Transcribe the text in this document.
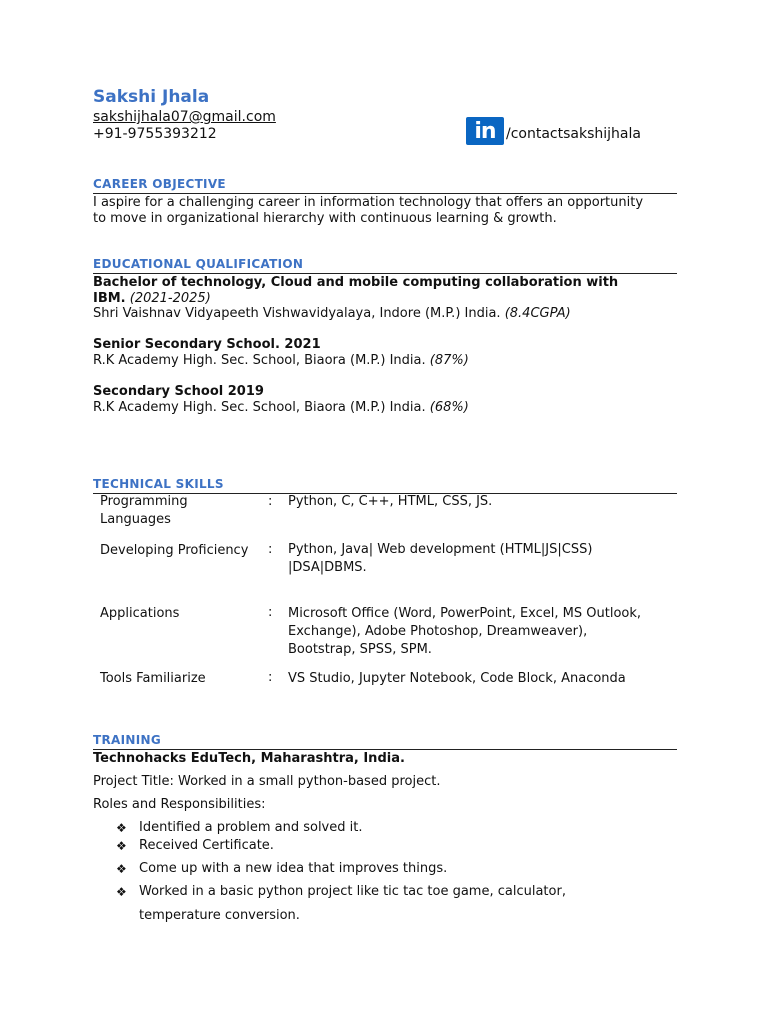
Sakshi Jhala
sakshijhala07@gmail.com
+91-9755393212	in /contactsakshijhala
CAREER OBJECTIVE
I aspire for a challenging career in information technology that offers an opportunity
to move in organizational hierarchy with continuous learning & growth.
EDUCATIONAL QUALIFICATION
Bachelor of technology, Cloud and mobile computing collaboration with
IBM. (2021-2025)
Shri Vaishnav Vidyapeeth Vishwavidyalaya, Indore (M.P.) India. (8.4CGPA)
Senior Secondary School. 2021
R.K Academy High. Sec. School, Biaora (M.P.) India. (87%)
Secondary School 2019
R.K Academy High. Sec. School, Biaora (M.P.) India. (68%)
TECHNICAL SKILLS
Programming
Languages
: Python, C, C++, HTML, CSS, JS.
Developing Proficiency	: Python, Java| Web development (HTML|JS|CSS)
|DSA|DBMS.
Applications	: Microsoft Office (Word, PowerPoint, Excel, MS Outlook,
Exchange), Adobe Photoshop, Dreamweaver),
Bootstrap, SPSS, SPM.
Tools Familiarize	: VS Studio, Jupyter Notebook, Code Block, Anaconda
TRAINING
Technohacks EduTech, Maharashtra, India.
Project Title: Worked in a small python-based project.
Roles and Responsibilities:
❖ Identified a problem and solved it.
❖ Received Certificate.
❖ Come up with a new idea that improves things.
❖ Worked in a basic python project like tic tac toe game, calculator,
temperature conversion.
